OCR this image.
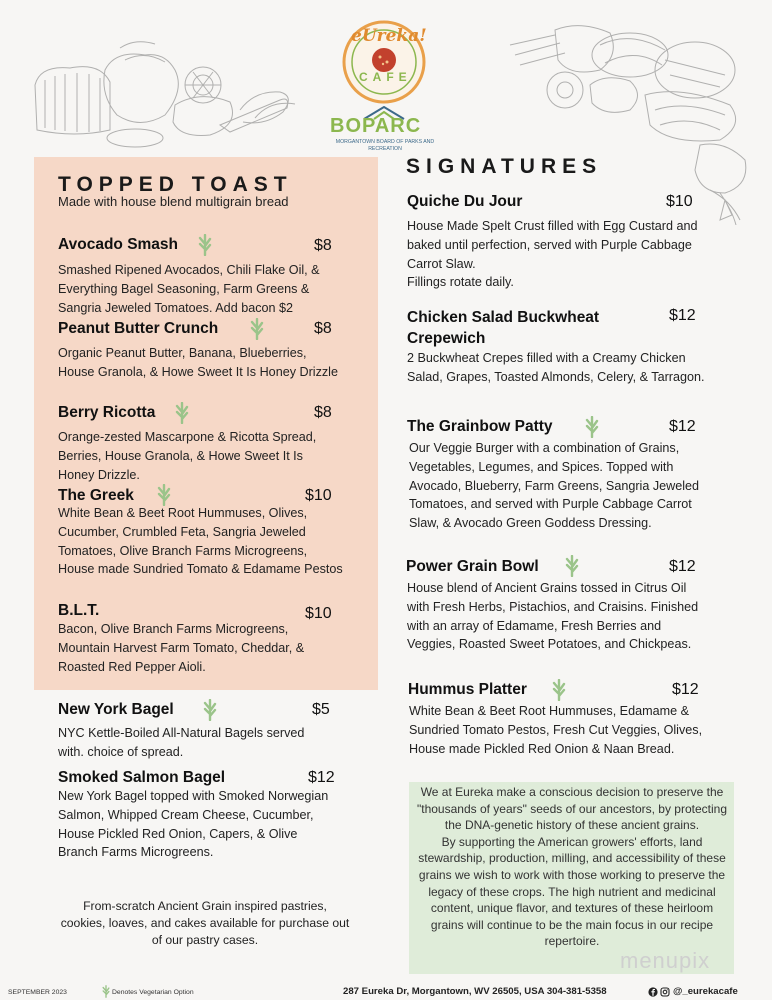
eUreka!
CAFE
BOPARC
MORGANTOWN BOARD OF PARKS AND RECREATION
TOPPED TOAST
Made with house blend multigrain bread
Avocado Smash	$8
Smashed Ripened Avocados, Chili Flake Oil, & Everything Bagel Seasoning, Farm Greens & Sangria Jeweled Tomatoes. Add bacon $2
Peanut Butter Crunch	$8
Organic Peanut Butter, Banana, Blueberries, House Granola, & Howe Sweet It Is Honey Drizzle
Berry Ricotta	$8
Orange-zested Mascarpone & Ricotta Spread, Berries, House Granola, & Howe Sweet It Is Honey Drizzle.
The Greek	$10
White Bean & Beet Root Hummuses, Olives, Cucumber, Crumbled Feta, Sangria Jeweled Tomatoes, Olive Branch Farms Microgreens, House made Sundried Tomato & Edamame Pestos
B.L.T.	$10
Bacon, Olive Branch Farms Microgreens, Mountain Harvest Farm Tomato, Cheddar, & Roasted Red Pepper Aioli.
New York Bagel	$5
NYC Kettle-Boiled All-Natural Bagels served with. choice of spread.
Smoked Salmon Bagel	$12
New York Bagel topped with Smoked Norwegian Salmon, Whipped Cream Cheese, Cucumber, House Pickled Red Onion, Capers, & Olive Branch Farms Microgreens.
From-scratch Ancient Grain inspired pastries, cookies, loaves, and cakes available for purchase out of our pastry cases.
SIGNATURES
Quiche Du Jour	$10
House Made Spelt Crust filled with Egg Custard and baked until perfection, served with Purple Cabbage Carrot Slaw.
Fillings rotate daily.
Chicken Salad Buckwheat Crepewich
$12
2 Buckwheat Crepes filled with a Creamy Chicken Salad, Grapes, Toasted Almonds, Celery, & Tarragon.
The Grainbow Patty	$12
Our Veggie Burger with a combination of Grains, Vegetables, Legumes, and Spices. Topped with Avocado, Blueberry, Farm Greens, Sangria Jeweled Tomatoes, and served with Purple Cabbage Carrot Slaw, & Avocado Green Goddess Dressing.
Power Grain Bowl	$12
House blend of Ancient Grains tossed in Citrus Oil with Fresh Herbs, Pistachios, and Craisins. Finished with an array of Edamame, Fresh Berries and Veggies, Roasted Sweet Potatoes, and Chickpeas.
Hummus Platter	$12
White Bean & Beet Root Hummuses, Edamame & Sundried Tomato Pestos, Fresh Cut Veggies, Olives, House made Pickled Red Onion & Naan Bread.
We at Eureka make a conscious decision to preserve the "thousands of years" seeds of our ancestors, by protecting the DNA-genetic history of these ancient grains.
By supporting the American growers' efforts, land stewardship, production, milling, and accessibility of these grains we wish to work with those working to preserve the legacy of these crops. The high nutrient and medicinal content, unique flavor, and textures of these heirloom grains will continue to be the main focus in our recipe repertoire.
SEPTEMBER 2023	Denotes Vegetarian Option	287 Eureka Dr, Morgantown, WV 26505, USA 304-381-5358	@_eurekacafe
menupix
